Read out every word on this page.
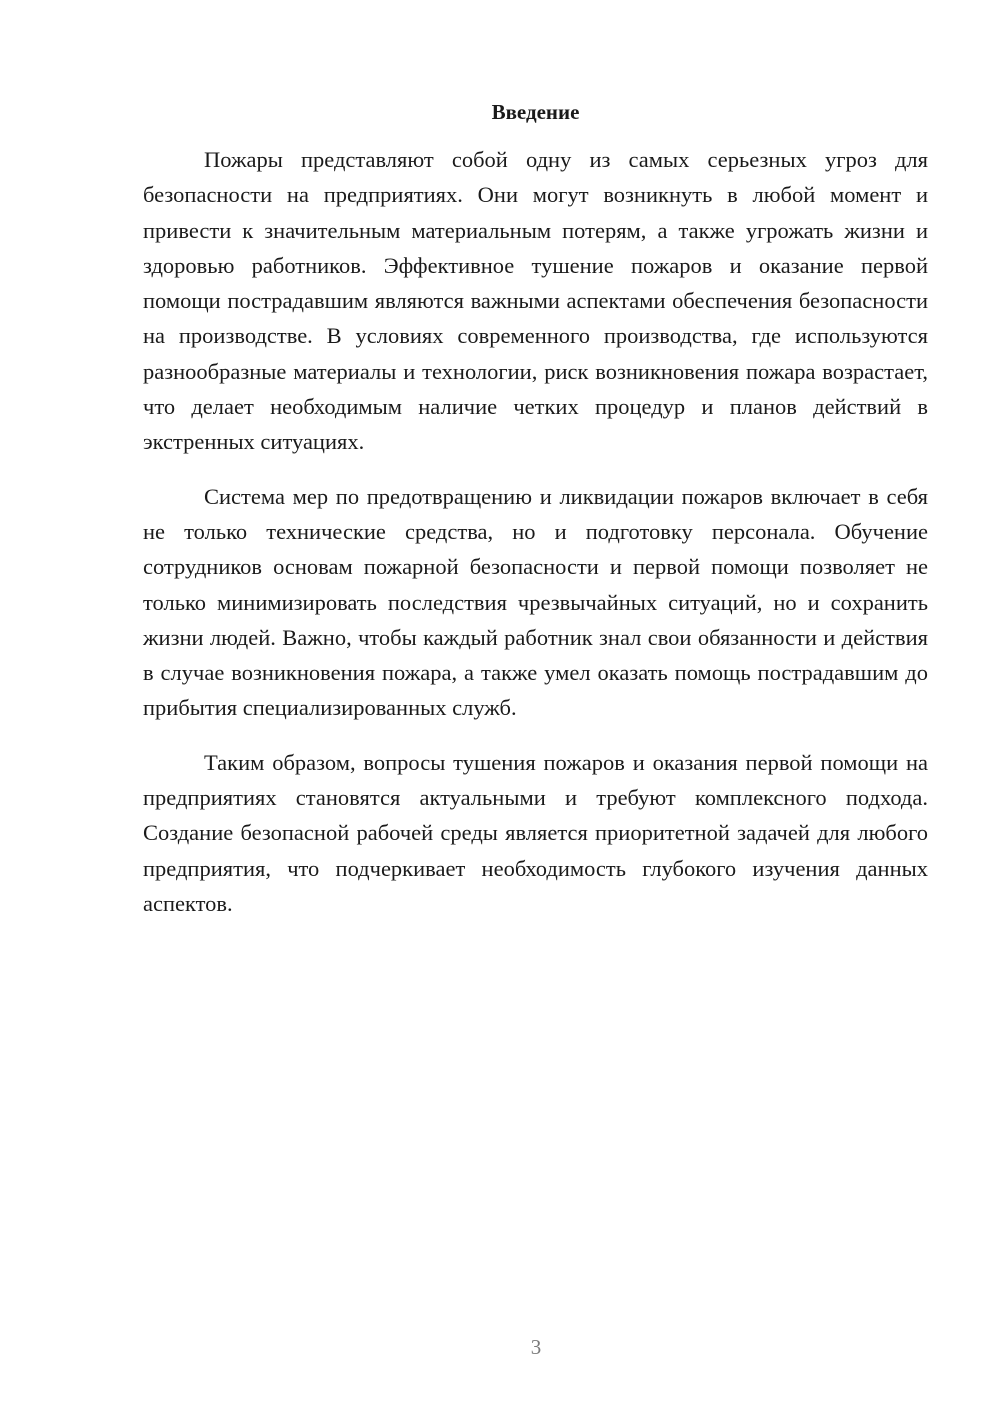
Введение

Пожары представляют собой одну из самых серьезных угроз для безопасности на предприятиях. Они могут возникнуть в любой момент и привести к значительным материальным потерям, а также угрожать жизни и здоровью работников. Эффективное тушение пожаров и оказание первой помощи пострадавшим являются важными аспектами обеспечения безопасности на производстве. В условиях современного производства, где используются разнообразные материалы и технологии, риск возникновения пожара возрастает, что делает необходимым наличие четких процедур и планов действий в экстренных ситуациях.

Система мер по предотвращению и ликвидации пожаров включает в себя не только технические средства, но и подготовку персонала. Обучение сотрудников основам пожарной безопасности и первой помощи позволяет не только минимизировать последствия чрезвычайных ситуаций, но и сохранить жизни людей. Важно, чтобы каждый работник знал свои обязанности и действия в случае возникновения пожара, а также умел оказать помощь пострадавшим до прибытия специализированных служб.

Таким образом, вопросы тушения пожаров и оказания первой помощи на предприятиях становятся актуальными и требуют комплексного подхода. Создание безопасной рабочей среды является приоритетной задачей для любого предприятия, что подчеркивает необходимость глубокого изучения данных аспектов.

3
